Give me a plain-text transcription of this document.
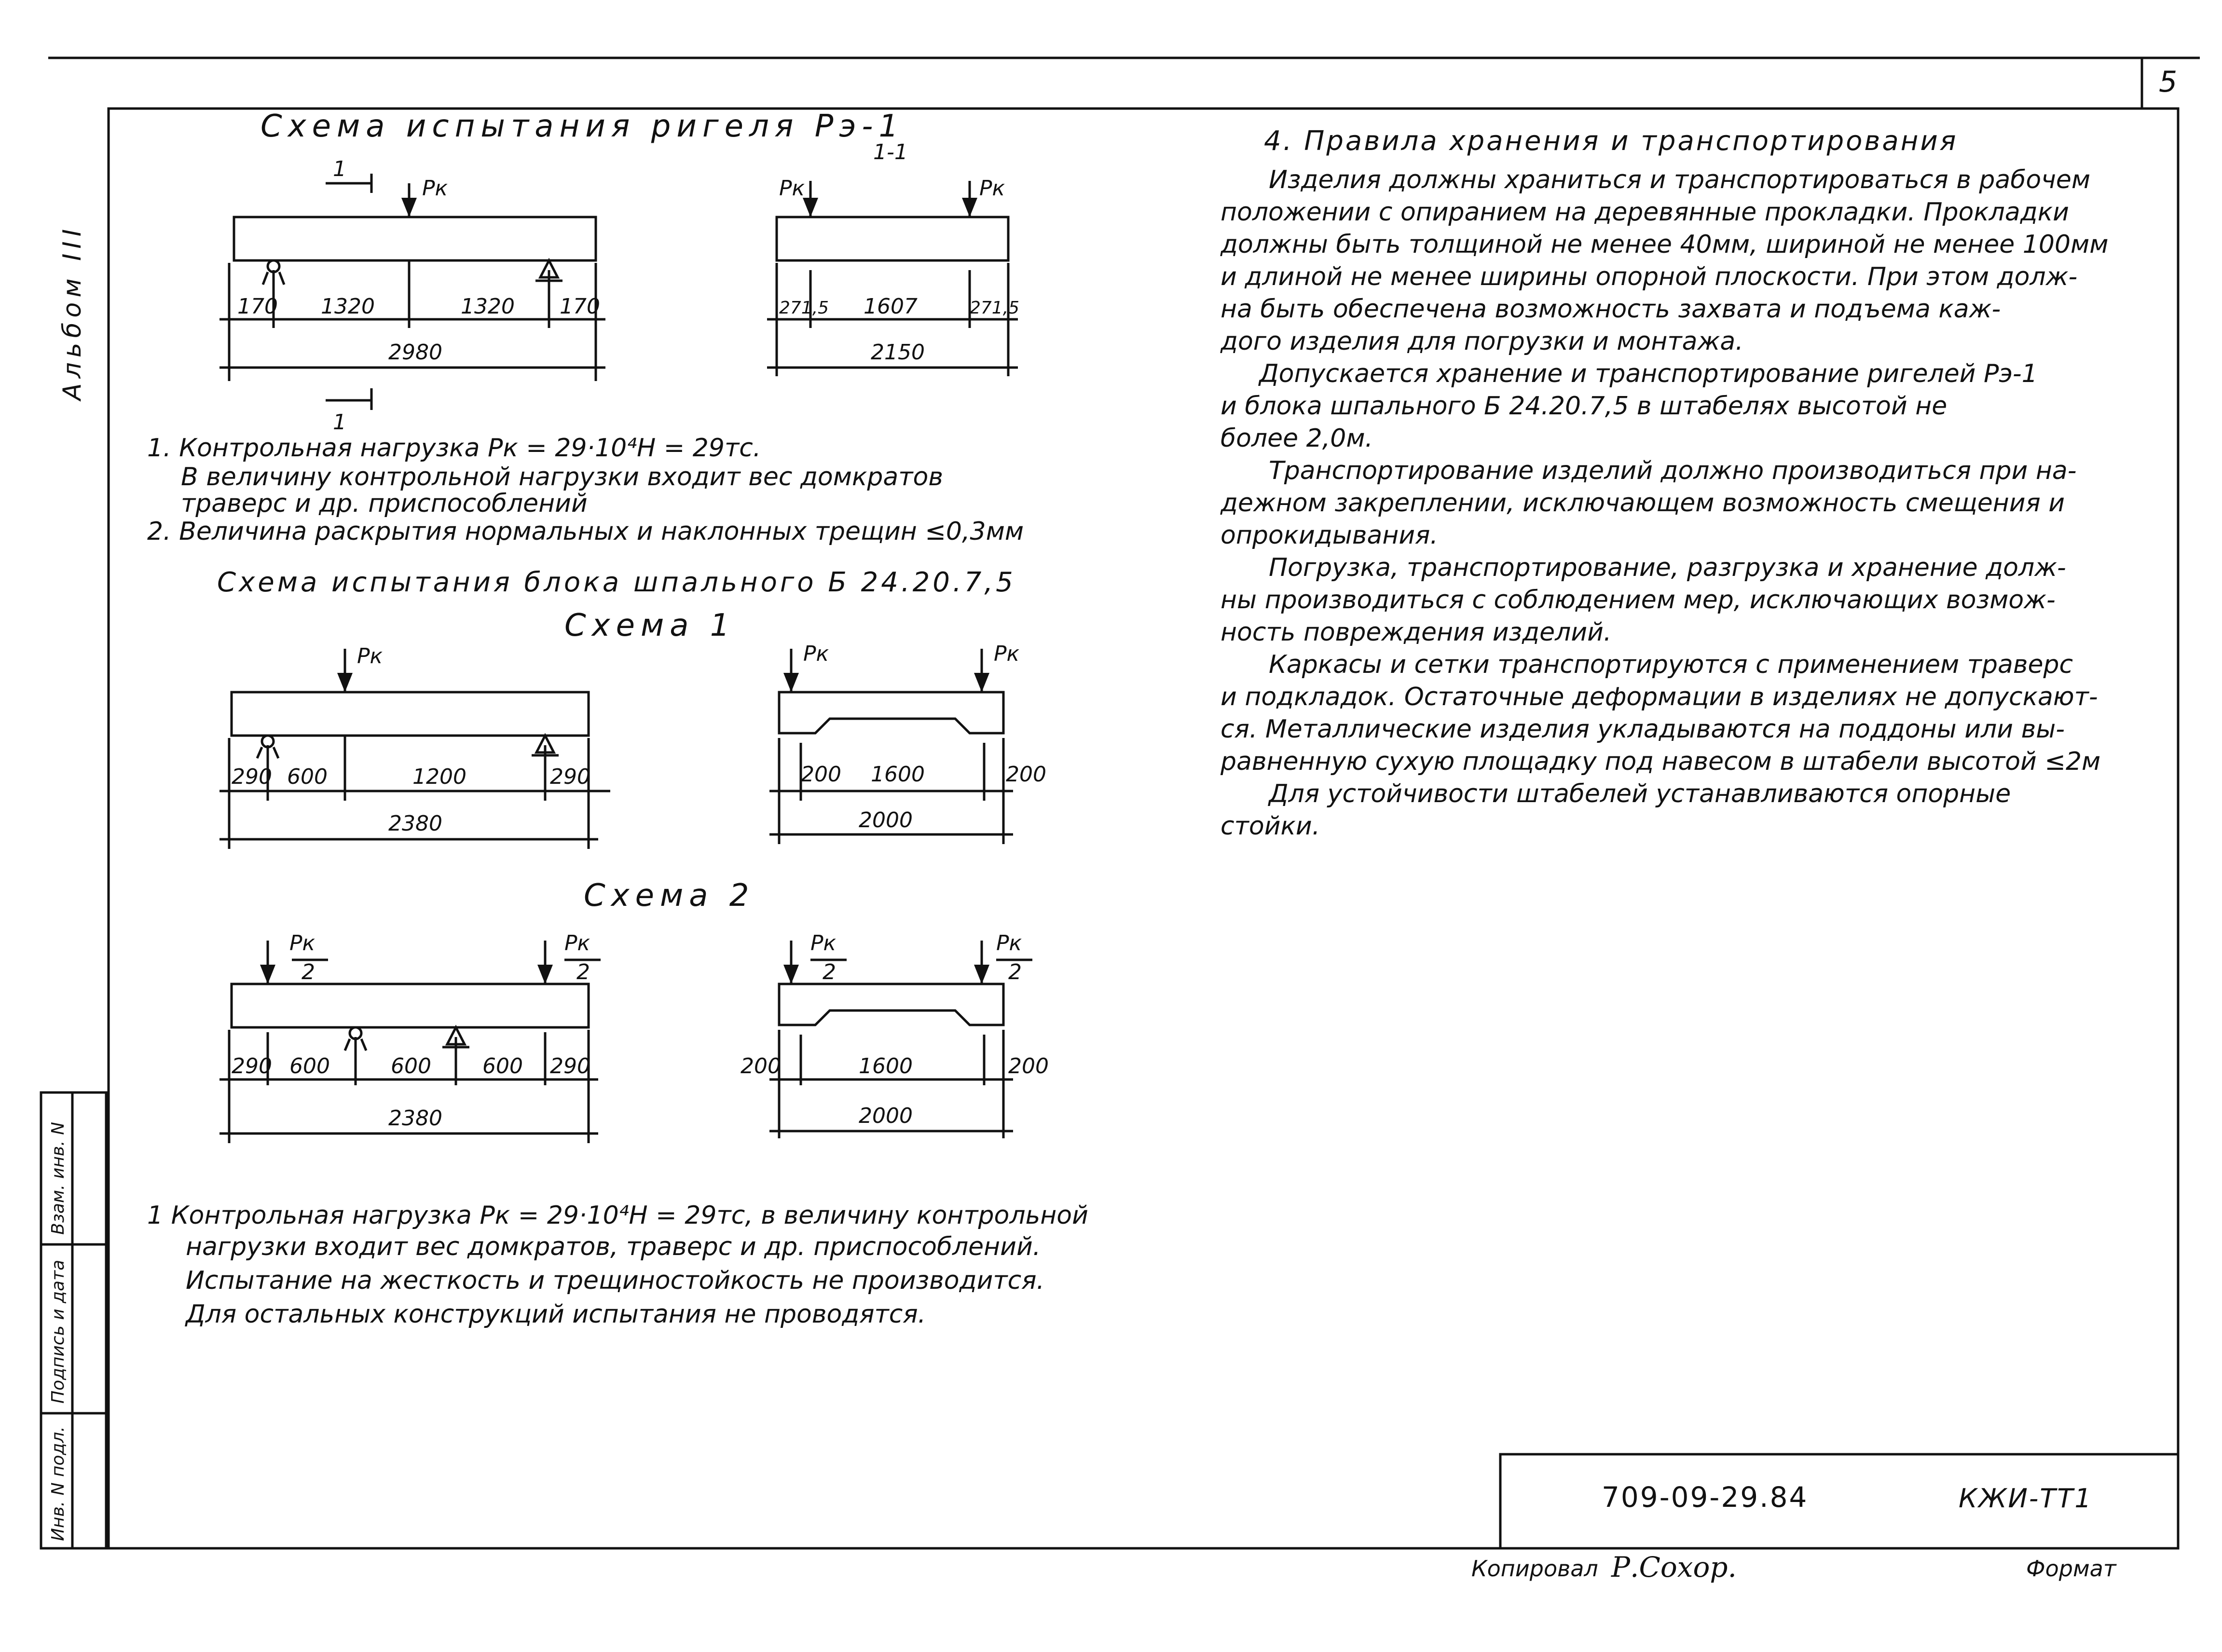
Рк
1
1
1-1
Рк	Рк
170 1320	1320 170
2980
271,5 1607	271,5
2150
Рк	Рк	Рк
290 600	1200	290
2380
200 1600	200
2000
Рк
2
Рк
2
Рк
2
Рк
2
290 600	600 600 290
2380
200	1600	200
2000
5
Альбом III
Взам. инв. N
Подпись и дата
Инв. N подл.
Схема испытания ригеля Рэ-1
1. Контрольная нагрузка Рк = 29·10⁴Н = 29тс.
В величину контрольной нагрузки входит вес домкратов
траверс и др. приспособлений
2. Величина раскрытия нормальных и наклонных трещин ≤0,3мм
Схема испытания блока шпального Б 24.20.7,5
Схема 1
Схема 2
1 Контрольная нагрузка Рк = 29·10⁴Н = 29тс, в величину контрольной
нагрузки входит вес домкратов, траверс и др. приспособлений.
Испытание на жесткость и трещиностойкость не производится.
Для остальных конструкций испытания не проводятся.
4. Правила хранения и транспортирования
Изделия должны храниться и транспортироваться в рабочем
положении с опиранием на деревянные прокладки. Прокладки
должны быть толщиной не менее 40мм, шириной не менее 100мм
и длиной не менее ширины опорной плоскости. При этом долж-
на быть обеспечена возможность захвата и подъема каж-
дого изделия для погрузки и монтажа.
Допускается хранение и транспортирование ригелей Рэ-1
и блока шпального Б 24.20.7,5 в штабелях высотой не
более 2,0м.
Транспортирование изделий должно производиться при на-
дежном закреплении, исключающем возможность смещения и
опрокидывания.
Погрузка, транспортирование, разгрузка и хранение долж-
ны производиться с соблюдением мер, исключающих возмож-
ность повреждения изделий.
Каркасы и сетки транспортируются с применением траверс
и подкладок. Остаточные деформации в изделиях не допускают-
ся. Металлические изделия укладываются на поддоны или вы-
равненную сухую площадку под навесом в штабели высотой ≤2м
Для устойчивости штабелей устанавливаются опорные
стойки.
709-09-29.84	КЖИ-ТТ1
Копировал Р.Сохор.	Формат
